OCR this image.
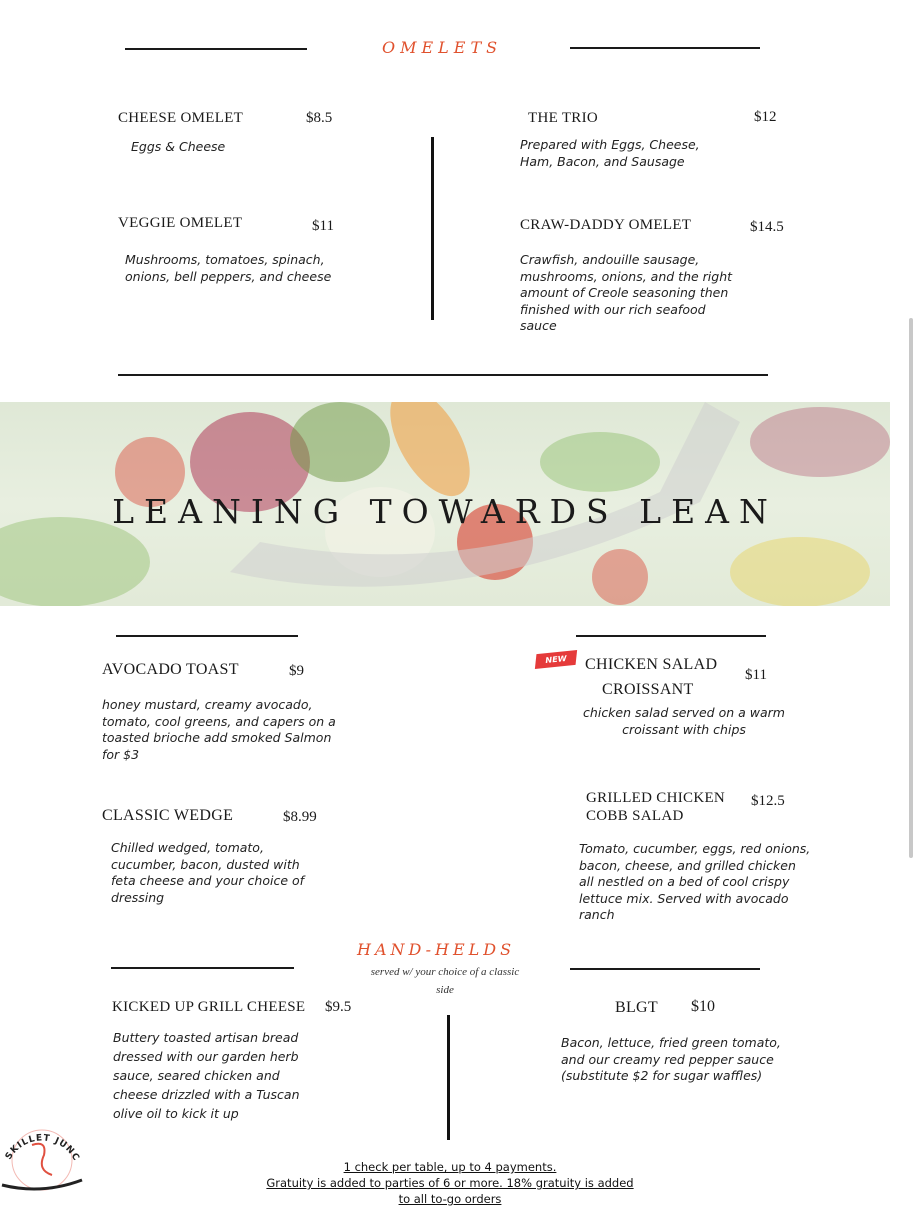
OMELETS
CHEESE OMELET	$8.5
Eggs & Cheese
VEGGIE OMELET	$11
Mushrooms, tomatoes, spinach, onions, bell peppers, and cheese
THE TRIO	$12
Prepared with Eggs, Cheese, Ham, Bacon, and Sausage
CRAW-DADDY OMELET	$14.5
Crawfish, andouille sausage, mushrooms, onions, and the right amount of Creole seasoning then finished with our rich seafood sauce
LEANING TOWARDS LEAN
AVOCADO TOAST	$9
honey mustard, creamy avocado, tomato, cool greens, and capers on a toasted brioche add smoked Salmon for $3
CLASSIC WEDGE	$8.99
Chilled wedged, tomato, cucumber, bacon, dusted with feta cheese and your choice of dressing
NEW	CHICKEN SALAD
CROISSANT
$11
chicken salad served on a warm croissant with chips
GRILLED CHICKEN
COBB SALAD
$12.5
Tomato, cucumber, eggs, red onions, bacon, cheese, and grilled chicken all nestled on a bed of cool crispy lettuce mix. Served with avocado ranch
HAND-HELDS
served w/ your choice of a classic
side
KICKED UP GRILL CHEESE $9.5
Buttery toasted artisan bread dressed with our garden herb sauce, seared chicken and cheese drizzled with a Tuscan olive oil to kick it up
BLGT $10
Bacon, lettuce, fried green tomato, and our creamy red pepper sauce (substitute $2 for sugar waffles)
1 check per table, up to 4 payments.
Gratuity is added to parties of 6 or more. 18% gratuity is added
to all to-go orders
SKILLET JUNC
